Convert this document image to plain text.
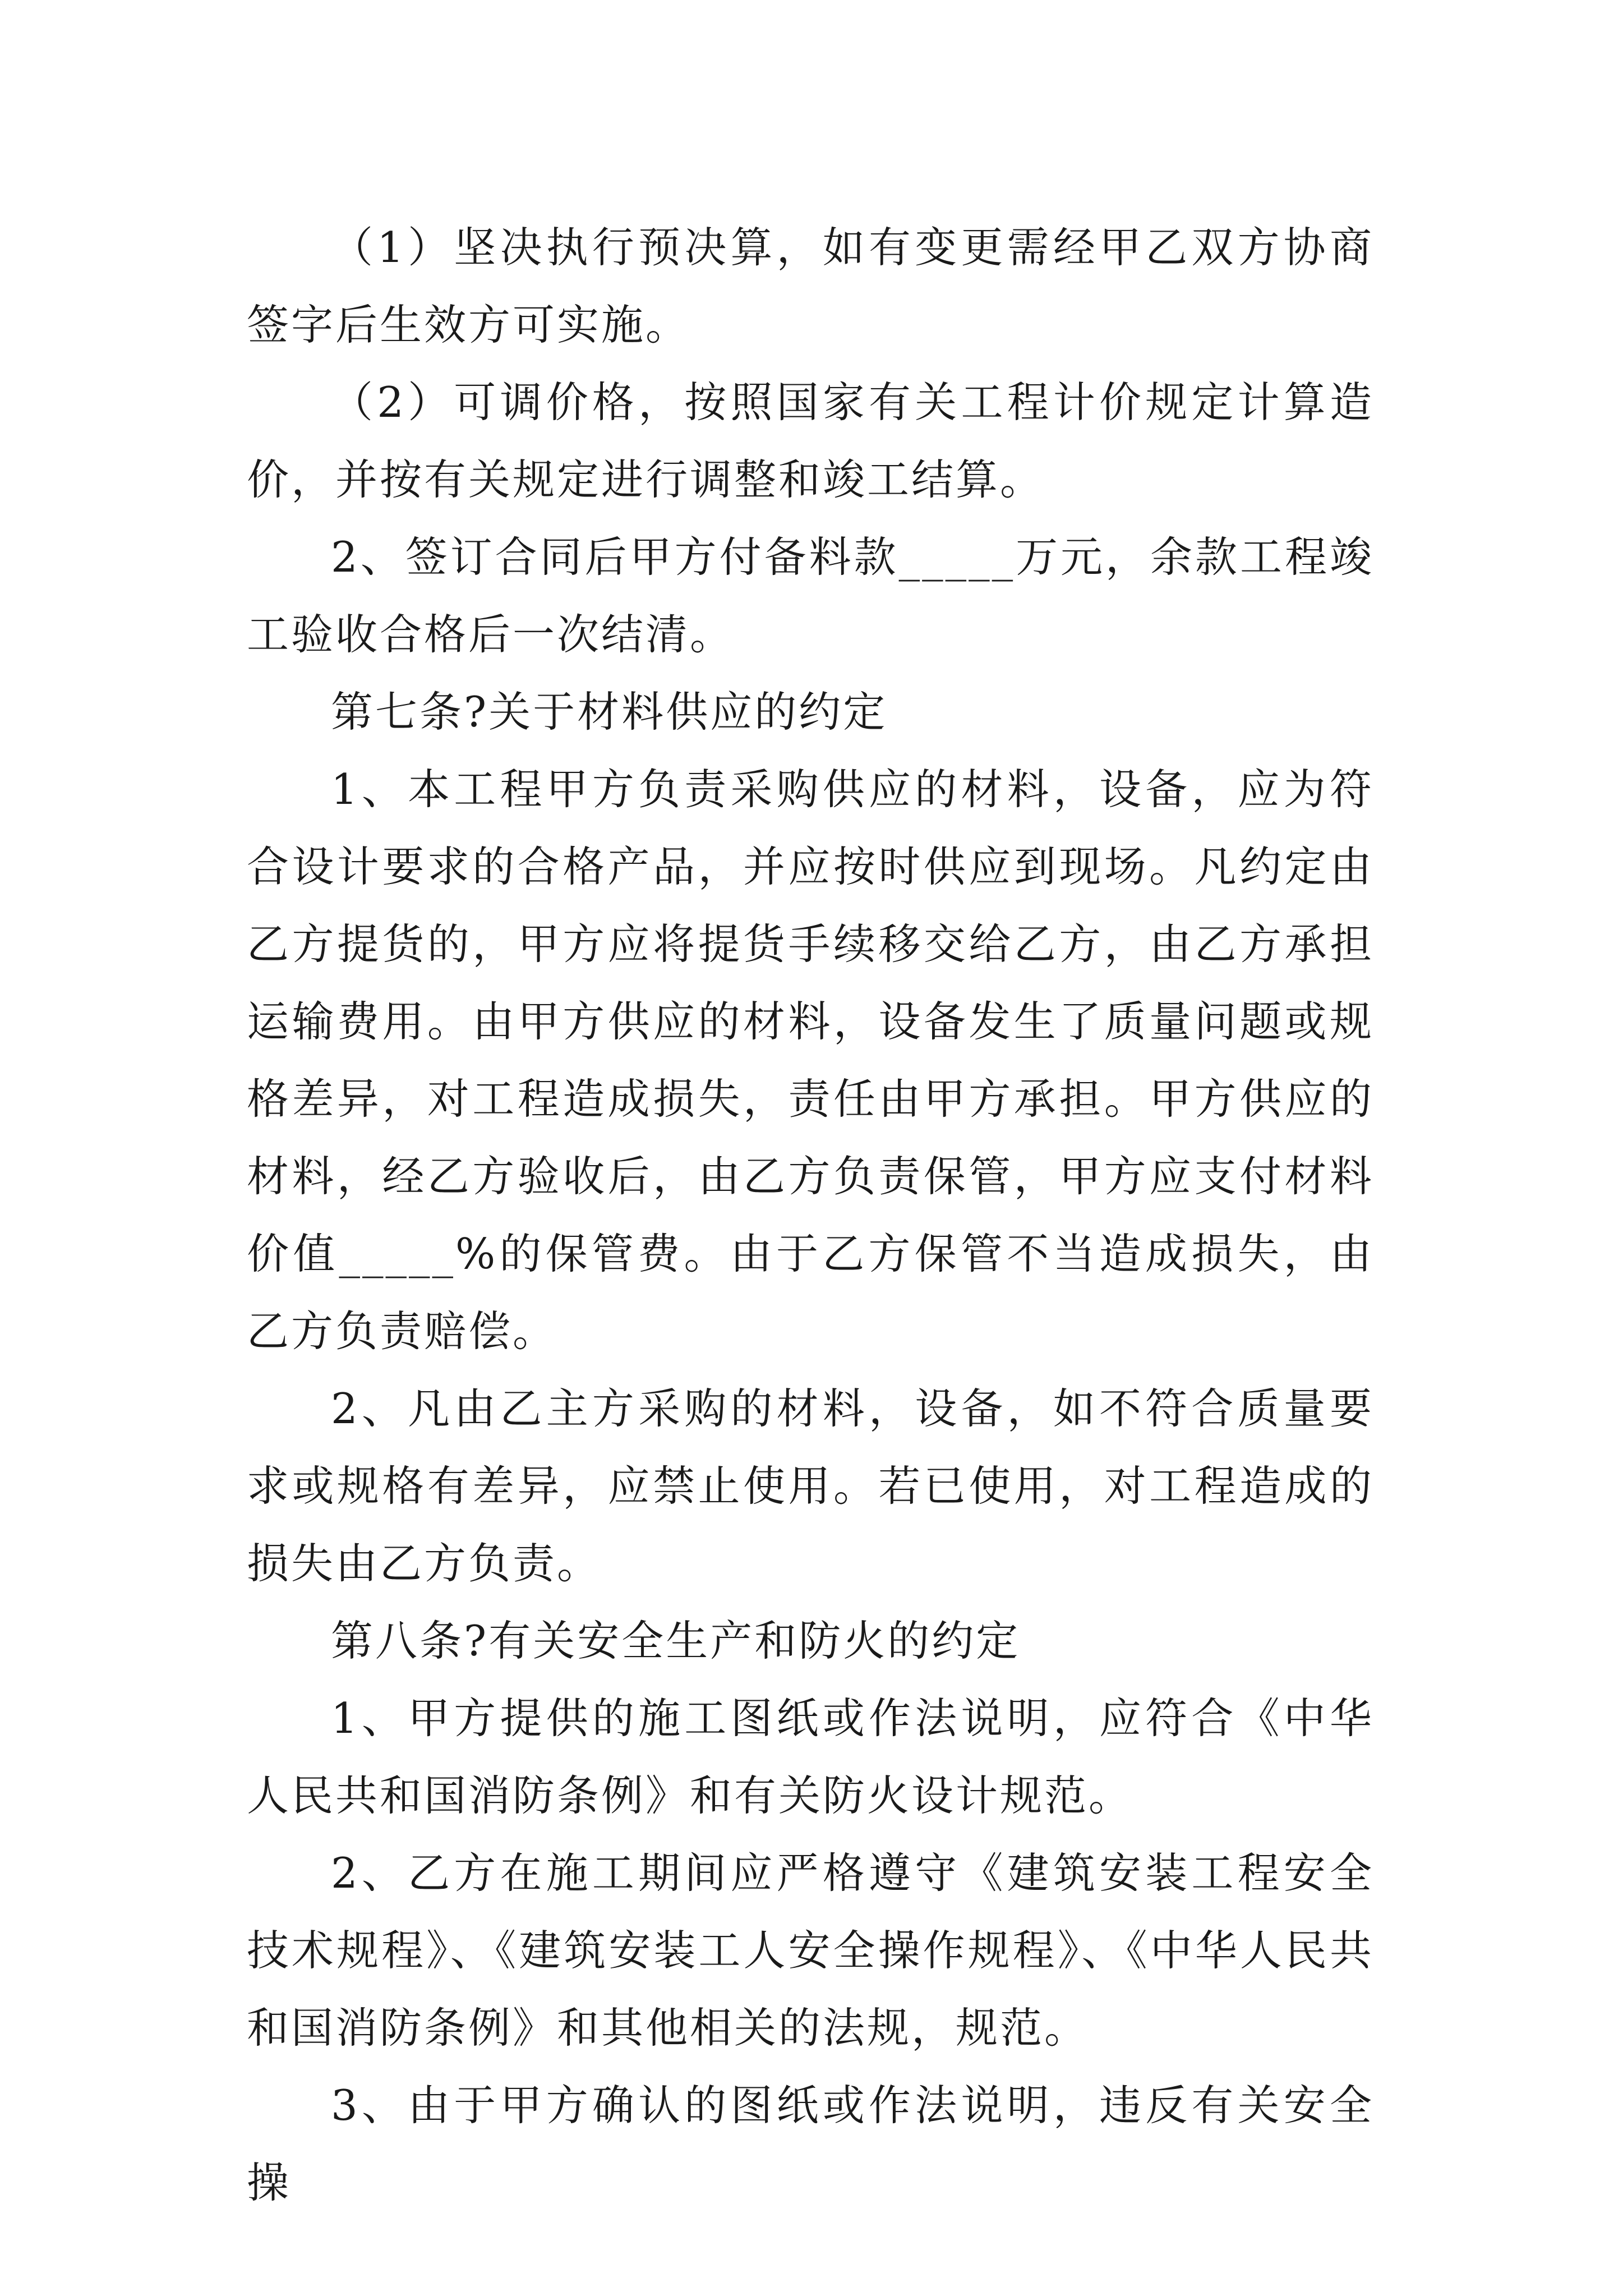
（1）坚决执行预决算，如有变更需经甲乙双方协商签字后生效方可实施。

（2）可调价格，按照国家有关工程计价规定计算造价，并按有关规定进行调整和竣工结算。

2、签订合同后甲方付备料款_____万元，余款工程竣工验收合格后一次结清。

第七条?关于材料供应的约定

1、本工程甲方负责采购供应的材料，设备，应为符合设计要求的合格产品，并应按时供应到现场。凡约定由乙方提货的，甲方应将提货手续移交给乙方，由乙方承担运输费用。由甲方供应的材料，设备发生了质量问题或规格差异，对工程造成损失，责任由甲方承担。甲方供应的材料，经乙方验收后，由乙方负责保管，甲方应支付材料价值_____%的保管费。由于乙方保管不当造成损失，由乙方负责赔偿。

2、凡由乙主方采购的材料，设备，如不符合质量要求或规格有差异，应禁止使用。若已使用，对工程造成的损失由乙方负责。

第八条?有关安全生产和防火的约定

1、甲方提供的施工图纸或作法说明，应符合《中华人民共和国消防条例》和有关防火设计规范。

2、乙方在施工期间应严格遵守《建筑安装工程安全技术规程》、《建筑安装工人安全操作规程》、《中华人民共和国消防条例》和其他相关的法规，规范。

3、由于甲方确认的图纸或作法说明，违反有关安全操
